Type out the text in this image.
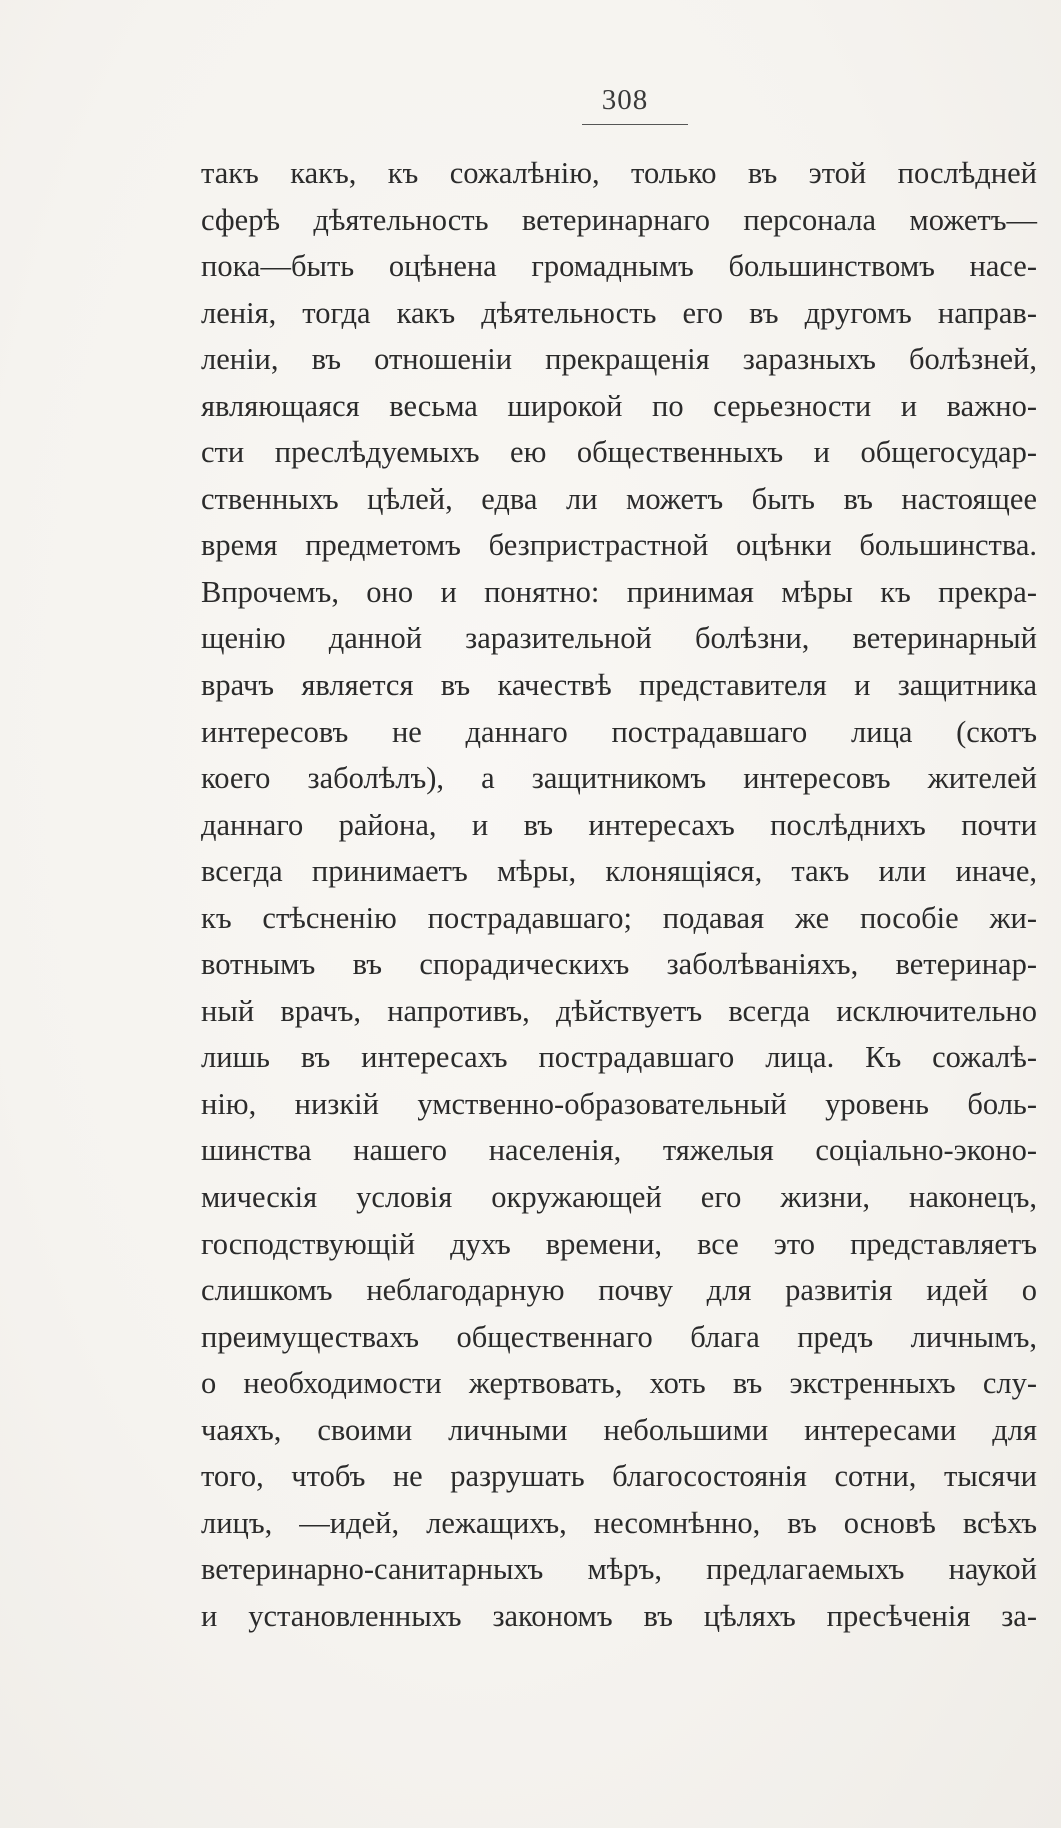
308
такъ какъ, къ сожалѣнію, только въ этой послѣдней
сферѣ дѣятельность ветеринарнаго персонала можетъ—
пока—быть оцѣнена громаднымъ большинствомъ насе-
ленія, тогда какъ дѣятельность его въ другомъ направ-
леніи, въ отношеніи прекращенія заразныхъ болѣзней,
являющаяся весьма широкой по серьезности и важно-
сти преслѣдуемыхъ ею общественныхъ и общегосудар-
ственныхъ цѣлей, едва ли можетъ быть въ настоящее
время предметомъ безпристрастной оцѣнки большинства.
Впрочемъ, оно и понятно: принимая мѣры къ прекра-
щенію данной заразительной болѣзни, ветеринарный
врачъ является въ качествѣ представителя и защитника
интересовъ не даннаго пострадавшаго лица (скотъ
коего заболѣлъ), а защитникомъ интересовъ жителей
даннаго района, и въ интересахъ послѣднихъ почти
всегда принимаетъ мѣры, клонящіяся, такъ или иначе,
къ стѣсненію пострадавшаго; подавая же пособіе жи-
вотнымъ въ спорадическихъ заболѣваніяхъ, ветеринар-
ный врачъ, напротивъ, дѣйствуетъ всегда исключительно
лишь въ интересахъ пострадавшаго лица. Къ сожалѣ-
нію, низкій умственно-образовательный уровень боль-
шинства нашего населенія, тяжелыя соціально-эконо-
мическія условія окружающей его жизни, наконецъ,
господствующій духъ времени, все это представляетъ
слишкомъ неблагодарную почву для развитія идей о
преимуществахъ общественнаго блага предъ личнымъ,
о необходимости жертвовать, хоть въ экстренныхъ слу-
чаяхъ, своими личными небольшими интересами для
того, чтобъ не разрушать благосостоянія сотни, тысячи
лицъ, —идей, лежащихъ, несомнѣнно, въ основѣ всѣхъ
ветеринарно-санитарныхъ мѣръ, предлагаемыхъ наукой
и установленныхъ закономъ въ цѣляхъ пресѣченія за-
